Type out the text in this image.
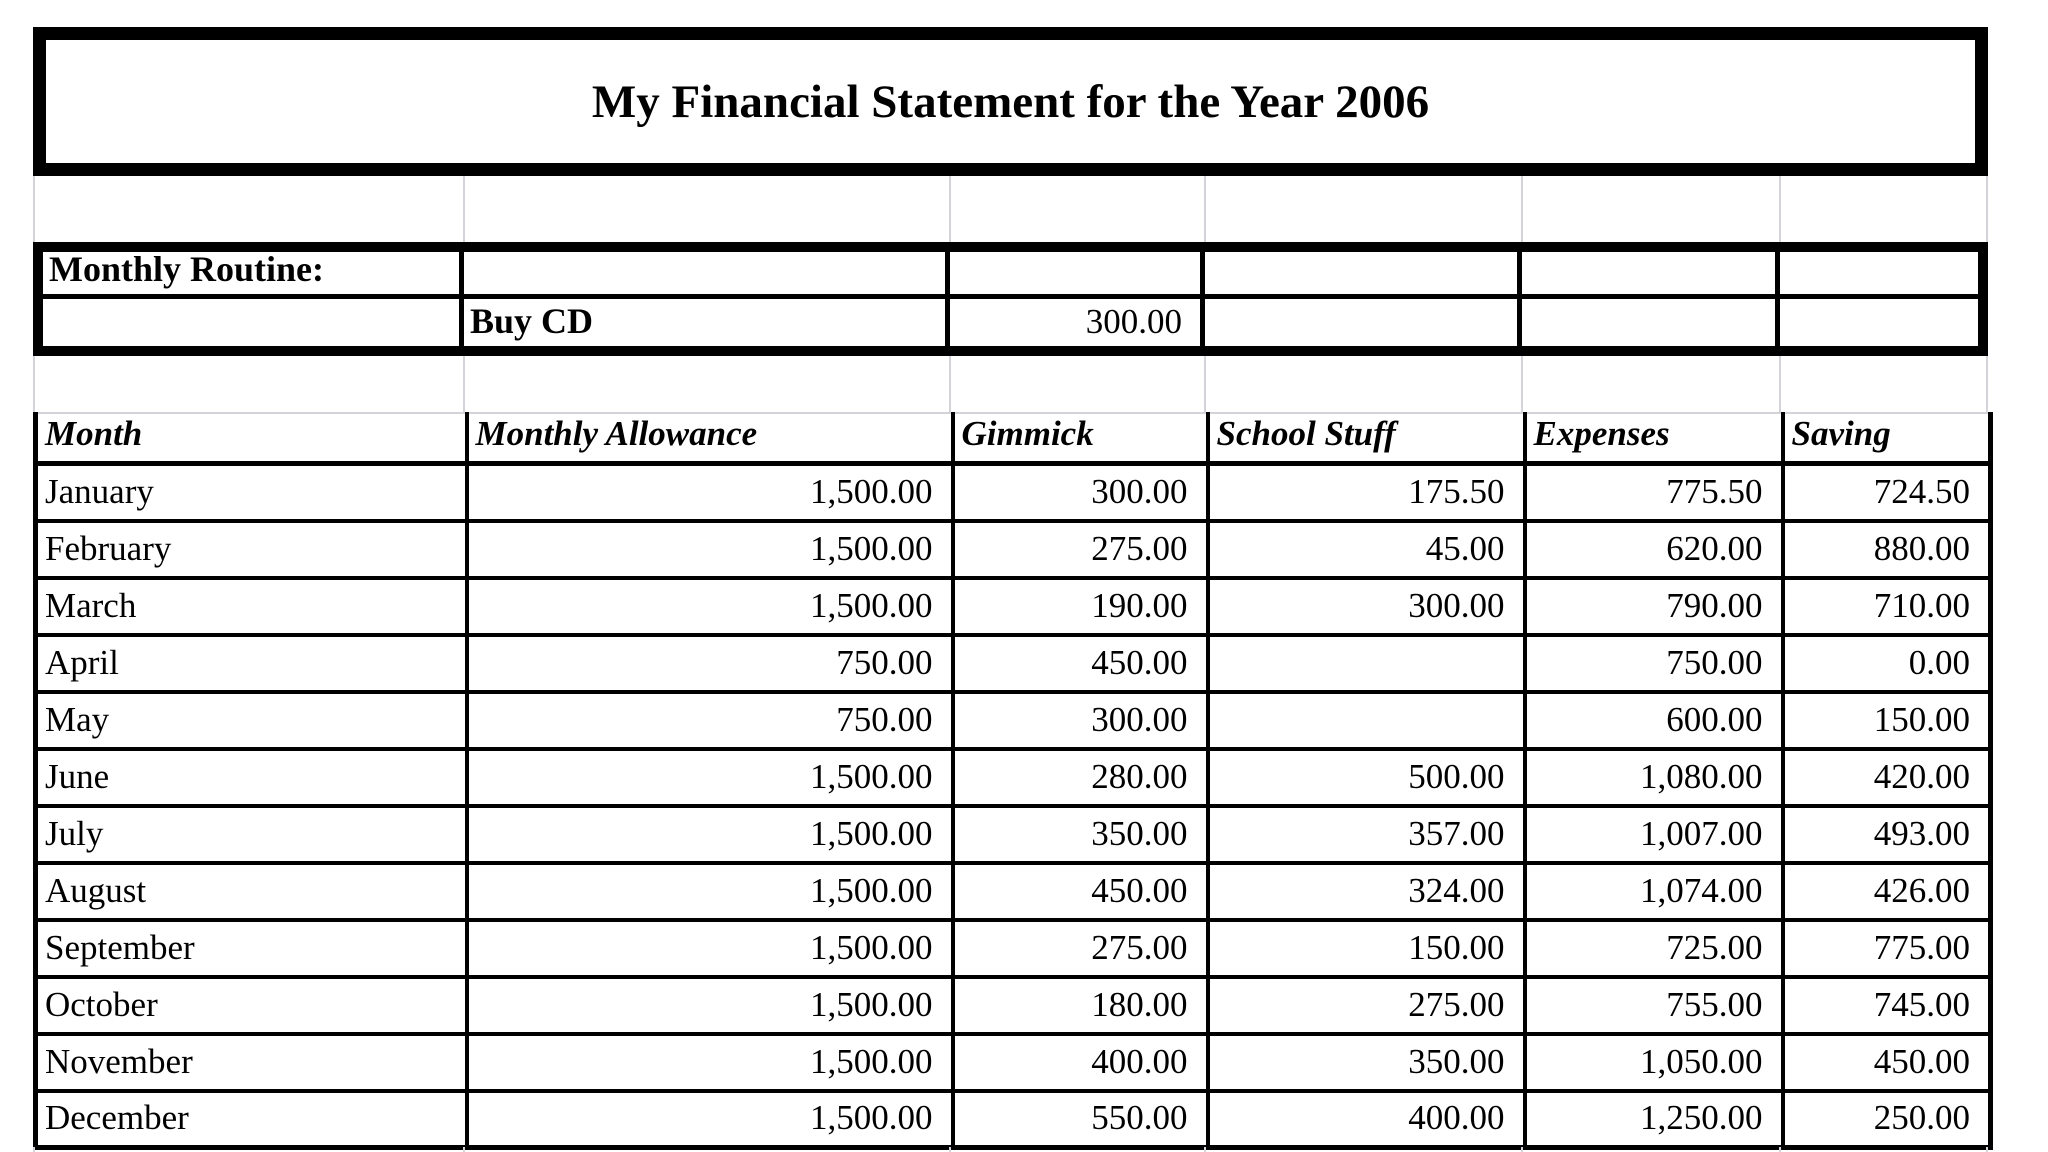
My Financial Statement for the Year 2006
Monthly Routine:
Buy CD	300.00
Month	Monthly Allowance	Gimmick	School Stuff	Expenses	Saving
January	1,500.00	300.00	175.50	775.50	724.50
February	1,500.00	275.00	45.00	620.00	880.00
March	1,500.00	190.00	300.00	790.00	710.00
April	750.00	450.00		750.00	0.00
May	750.00	300.00		600.00	150.00
June	1,500.00	280.00	500.00	1,080.00	420.00
July	1,500.00	350.00	357.00	1,007.00	493.00
August	1,500.00	450.00	324.00	1,074.00	426.00
September	1,500.00	275.00	150.00	725.00	775.00
October	1,500.00	180.00	275.00	755.00	745.00
November	1,500.00	400.00	350.00	1,050.00	450.00
December	1,500.00	550.00	400.00	1,250.00	250.00
